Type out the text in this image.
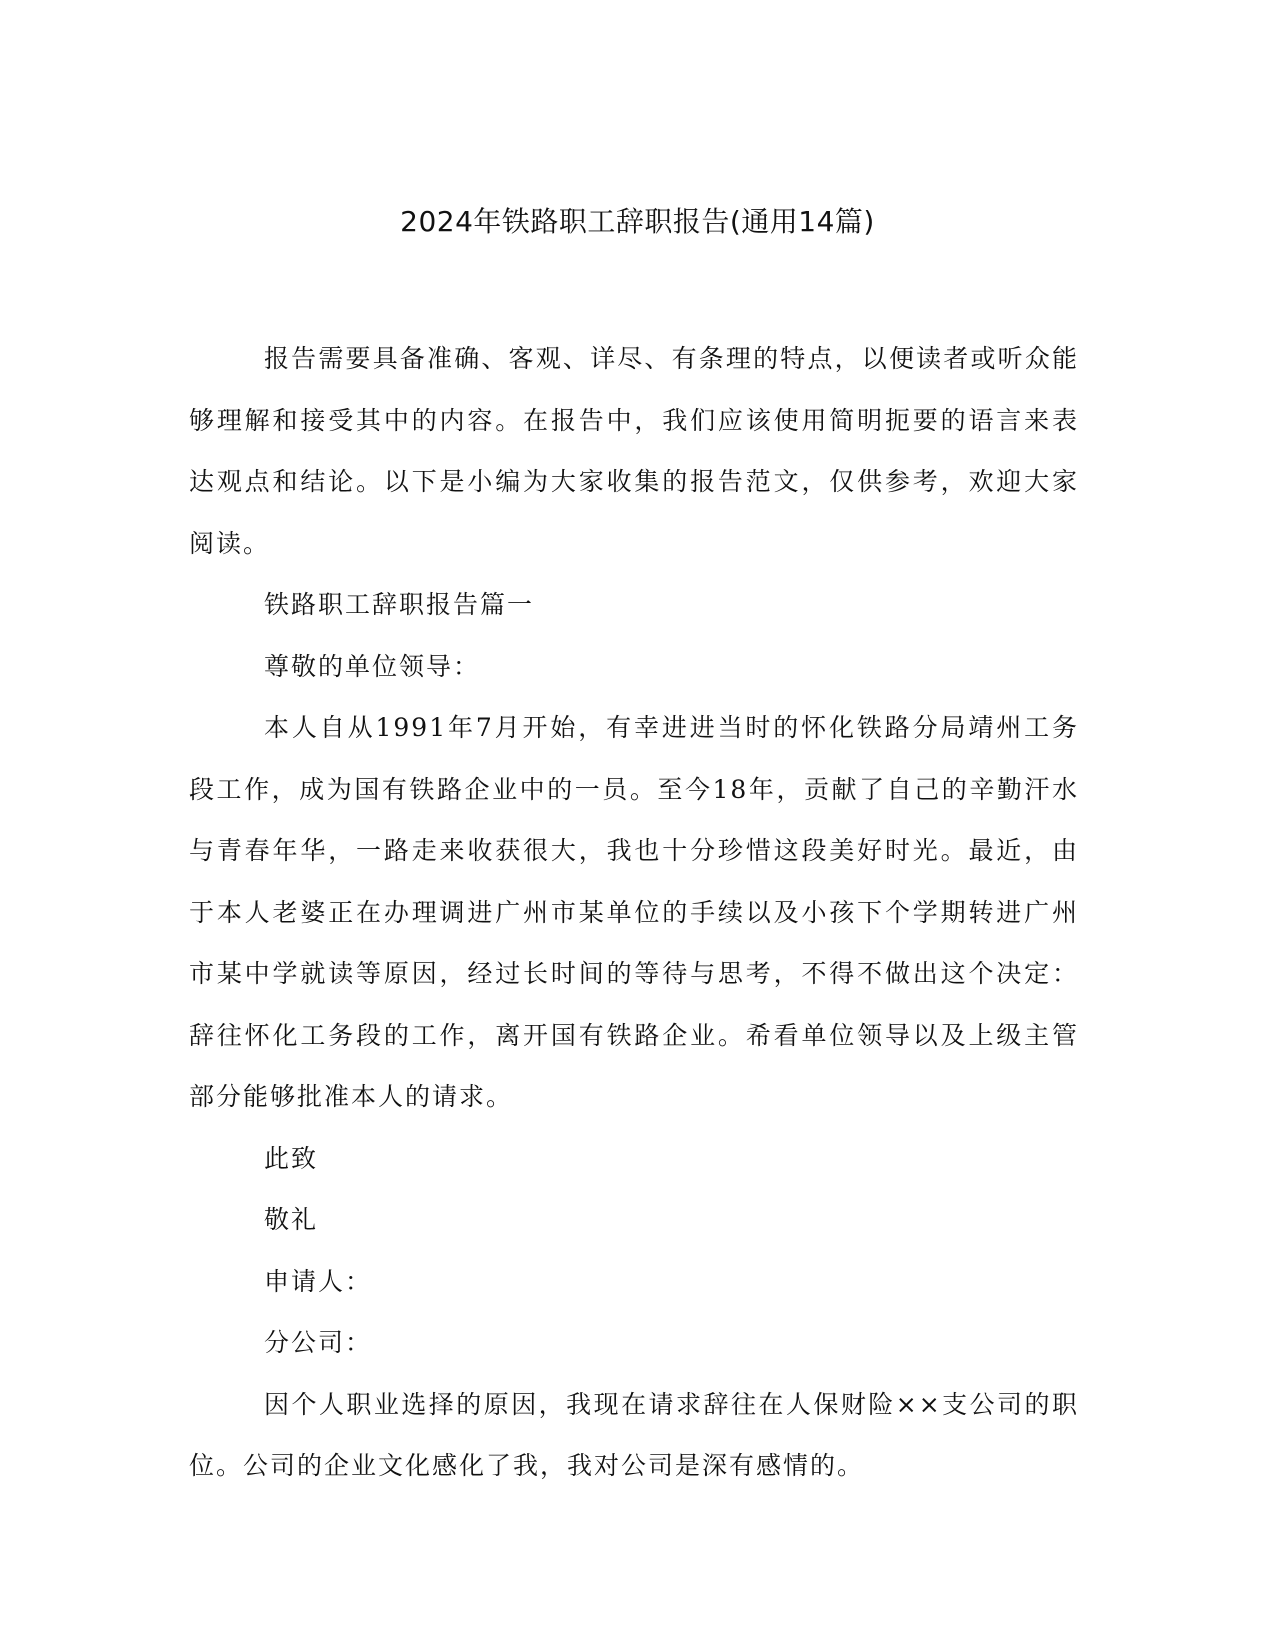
2024年铁路职工辞职报告(通用14篇)

报告需要具备准确、客观、详尽、有条理的特点，以便读者或听众能够理解和接受其中的内容。在报告中，我们应该使用简明扼要的语言来表达观点和结论。以下是小编为大家收集的报告范文，仅供参考，欢迎大家阅读。

铁路职工辞职报告篇一

尊敬的单位领导：

本人自从1991年7月开始，有幸进进当时的怀化铁路分局靖州工务段工作，成为国有铁路企业中的一员。至今18年，贡献了自己的辛勤汗水与青春年华，一路走来收获很大，我也十分珍惜这段美好时光。最近，由于本人老婆正在办理调进广州市某单位的手续以及小孩下个学期转进广州市某中学就读等原因，经过长时间的等待与思考，不得不做出这个决定：辞往怀化工务段的工作，离开国有铁路企业。希看单位领导以及上级主管部分能够批准本人的请求。

此致

敬礼

申请人：

分公司：

因个人职业选择的原因，我现在请求辞往在人保财险××支公司的职位。公司的企业文化感化了我，我对公司是深有感情的。
